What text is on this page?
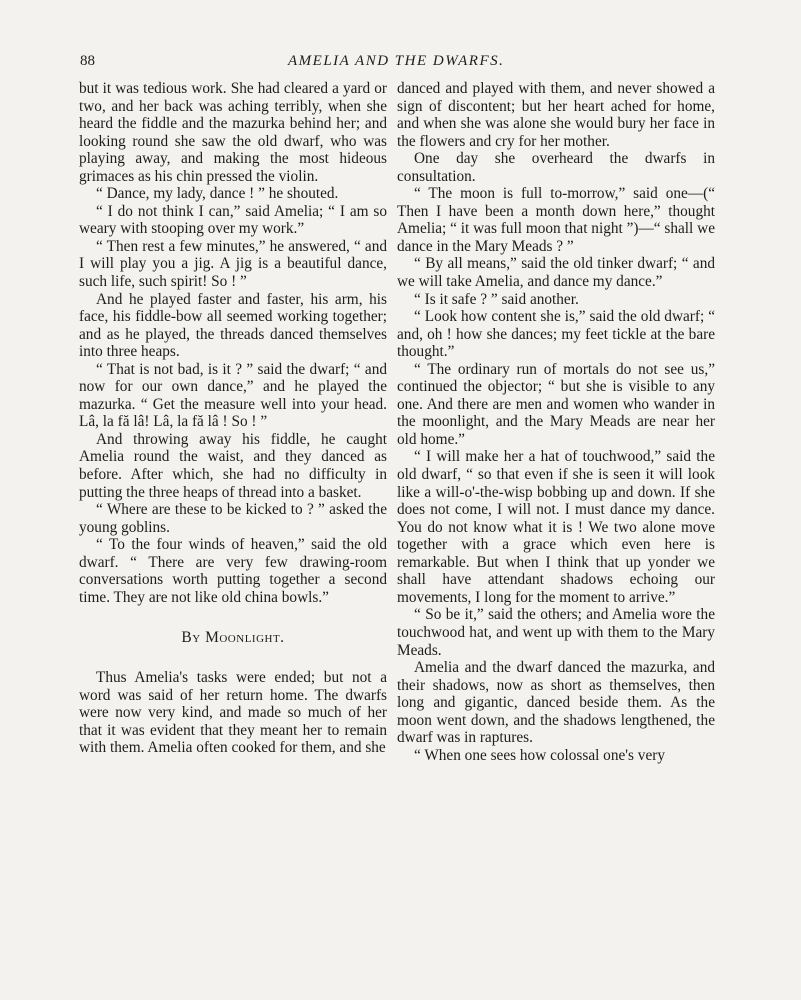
88	AMELIA AND THE DWARFS.

but it was tedious work. She had cleared a yard or two, and her back was aching terribly, when she heard the fiddle and the mazurka behind her; and looking round she saw the old dwarf, who was playing away, and making the most hideous grimaces as his chin pressed the violin.

“ Dance, my lady, dance ! ” he shouted.

“ I do not think I can,” said Amelia; “ I am so weary with stooping over my work.”

“ Then rest a few minutes,” he answered, “ and I will play you a jig. A jig is a beautiful dance, such life, such spirit! So ! ”

And he played faster and faster, his arm, his face, his fiddle-bow all seemed working together; and as he played, the threads danced themselves into three heaps.

“ That is not bad, is it ? ” said the dwarf; “ and now for our own dance,” and he played the mazurka. “ Get the measure well into your head. Lâ, la fă lâ! Lâ, la fă lâ ! So ! ”

And throwing away his fiddle, he caught Amelia round the waist, and they danced as before. After which, she had no difficulty in putting the three heaps of thread into a basket.

“ Where are these to be kicked to ? ” asked the young goblins.

“ To the four winds of heaven,” said the old dwarf. “ There are very few drawing-room conversations worth putting together a second time. They are not like old china bowls.”

By Moonlight.

Thus Amelia's tasks were ended; but not a word was said of her return home. The dwarfs were now very kind, and made so much of her that it was evident that they meant her to remain with them. Amelia often cooked for them, and she

danced and played with them, and never showed a sign of discontent; but her heart ached for home, and when she was alone she would bury her face in the flowers and cry for her mother.

One day she overheard the dwarfs in consultation.

“ The moon is full to-morrow,” said one—(“ Then I have been a month down here,” thought Amelia; “ it was full moon that night ”)—“ shall we dance in the Mary Meads ? ”

“ By all means,” said the old tinker dwarf; “ and we will take Amelia, and dance my dance.”

“ Is it safe ? ” said another.

“ Look how content she is,” said the old dwarf; “ and, oh ! how she dances; my feet tickle at the bare thought.”

“ The ordinary run of mortals do not see us,” continued the objector; “ but she is visible to any one. And there are men and women who wander in the moonlight, and the Mary Meads are near her old home.”

“ I will make her a hat of touchwood,” said the old dwarf, “ so that even if she is seen it will look like a will-o'-the-wisp bobbing up and down. If she does not come, I will not. I must dance my dance. You do not know what it is ! We two alone move together with a grace which even here is remarkable. But when I think that up yonder we shall have attendant shadows echoing our movements, I long for the moment to arrive.”

“ So be it,” said the others; and Amelia wore the touchwood hat, and went up with them to the Mary Meads.

Amelia and the dwarf danced the mazurka, and their shadows, now as short as themselves, then long and gigantic, danced beside them. As the moon went down, and the shadows lengthened, the dwarf was in raptures.

“ When one sees how colossal one's very
